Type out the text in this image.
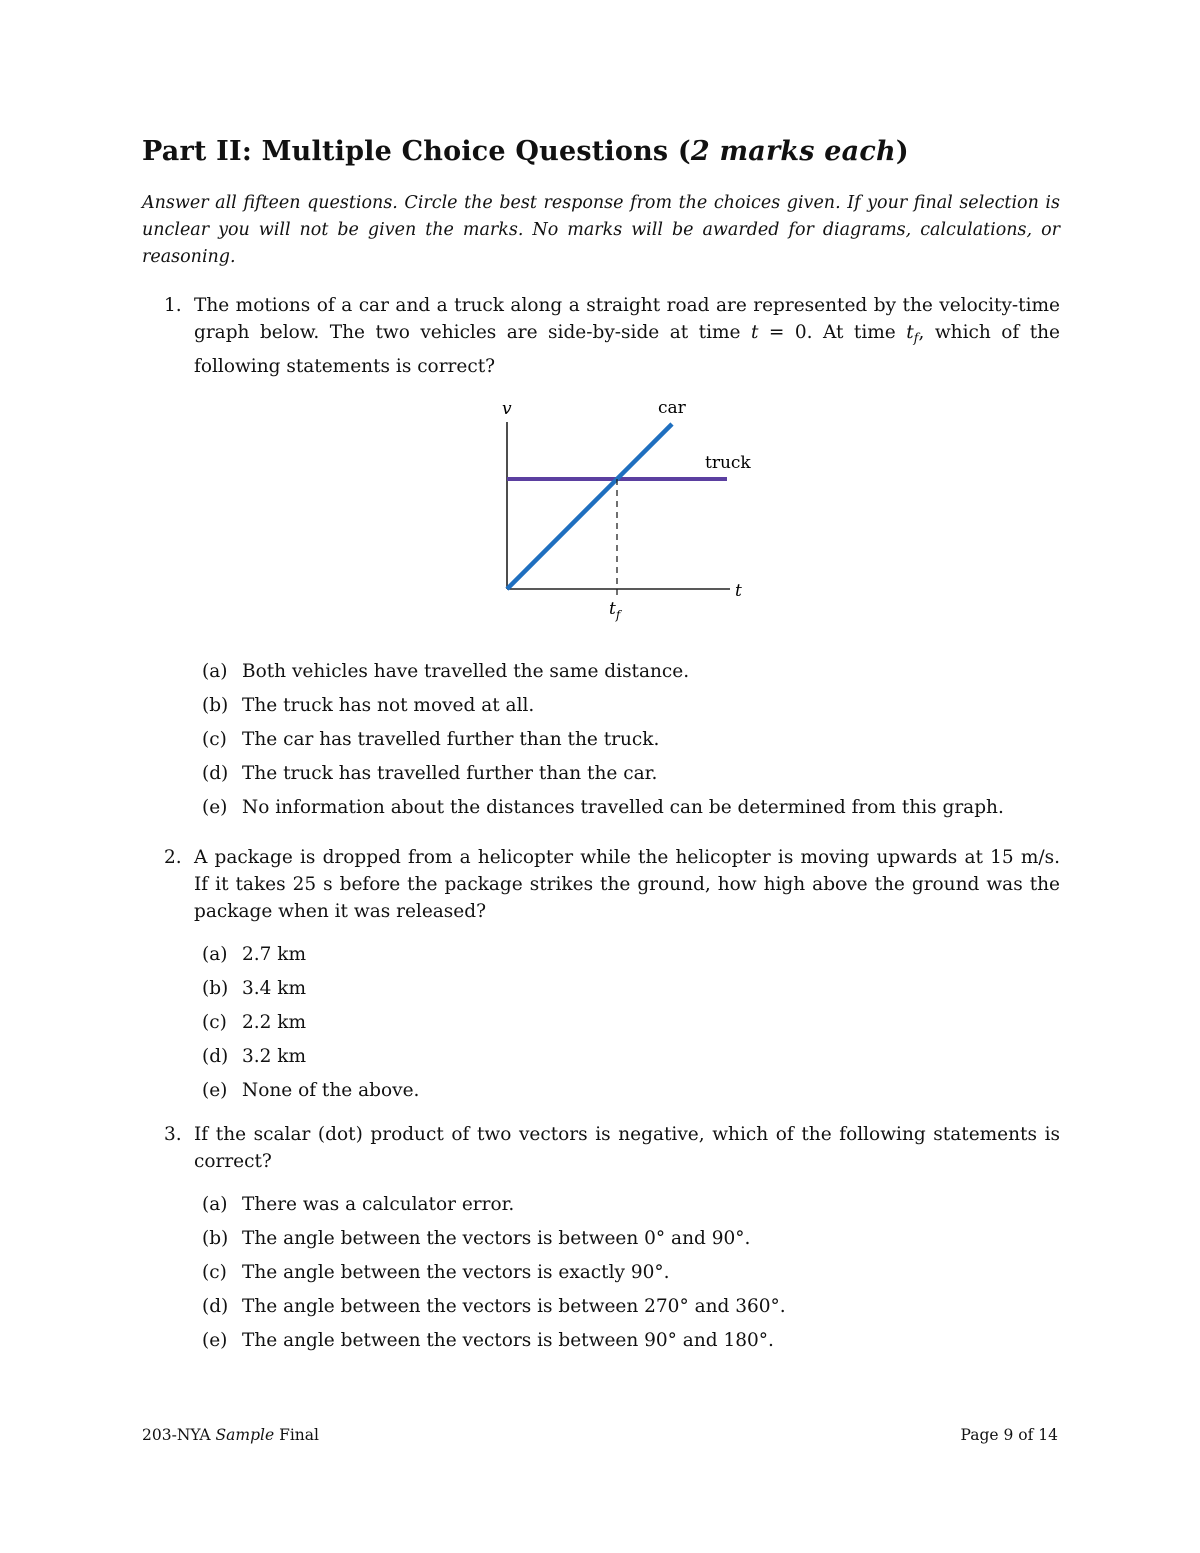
Part II: Multiple Choice Questions (2 marks each)
Answer all fifteen questions. Circle the best response from the choices given. If your final selection is unclear you will not be given the marks. No marks will be awarded for diagrams, calculations, or reasoning.
1. The motions of a car and a truck along a straight road are represented by the velocity-time graph below. The two vehicles are side-by-side at time t = 0. At time $t_f$, which of the following statements is correct?
v
t
car
truck
$t_f$
(a) Both vehicles have travelled the same distance.
(b) The truck has not moved at all.
(c) The car has travelled further than the truck.
(d) The truck has travelled further than the car.
(e) No information about the distances travelled can be determined from this graph.
2. A package is dropped from a helicopter while the helicopter is moving upwards at 15 m/s. If it takes 25 s before the package strikes the ground, how high above the ground was the package when it was released?
(a) 2.7 km
(b) 3.4 km
(c) 2.2 km
(d) 3.2 km
(e) None of the above.
3. If the scalar (dot) product of two vectors is negative, which of the following statements is correct?
(a) There was a calculator error.
(b) The angle between the vectors is between 0° and 90°.
(c) The angle between the vectors is exactly 90°.
(d) The angle between the vectors is between 270° and 360°.
(e) The angle between the vectors is between 90° and 180°.
203-NYA Sample Final	Page 9 of 14
